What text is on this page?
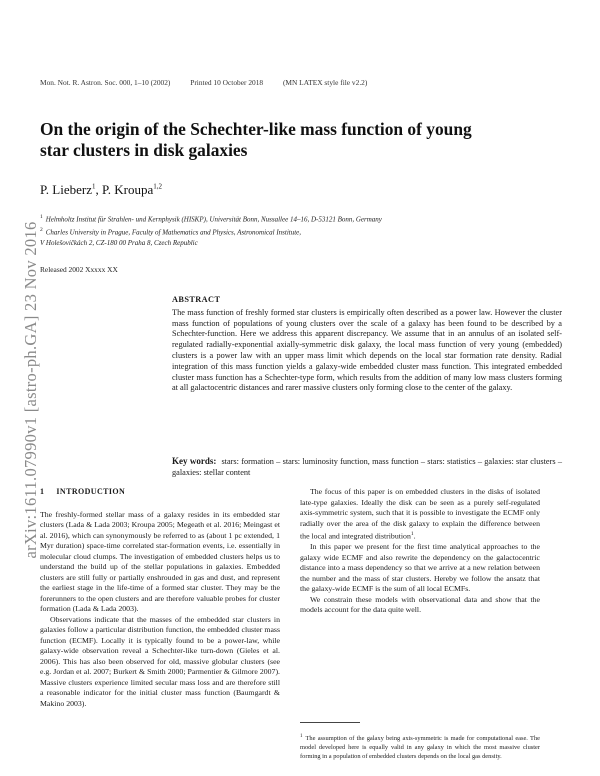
arXiv:1611.07990v1 [astro-ph.GA] 23 Nov 2016
Mon. Not. R. Astron. Soc. 000, 1–10 (2002)	Printed 10 October 2018	(MN LATEX style file v2.2)
On the origin of the Schechter-like mass function of young star clusters in disk galaxies
P. Lieberz$^1$, P. Kroupa$^{1,2}$
$^1$ Helmholtz Institut für Strahlen- und Kernphysik (HISKP), Universität Bonn, Nussallee 14–16, D-53121 Bonn, Germany
$^2$ Charles University in Prague, Faculty of Mathematics and Physics, Astronomical Institute,
V Holešovičkách 2, CZ-180 00 Praha 8, Czech Republic
Released 2002 Xxxxx XX
ABSTRACT

The mass function of freshly formed star clusters is empirically often described as a power law. However the cluster mass function of populations of young clusters over the scale of a galaxy has been found to be described by a Schechter-function. Here we address this apparent discrepancy. We assume that in an annulus of an isolated self-regulated radially-exponential axially-symmetric disk galaxy, the local mass function of very young (embedded) clusters is a power law with an upper mass limit which depends on the local star formation rate density. Radial integration of this mass function yields a galaxy-wide embedded cluster mass function. This integrated embedded cluster mass function has a Schechter-type form, which results from the addition of many low mass clusters forming at all galactocentric distances and rarer massive clusters only forming close to the center of the galaxy.

Key words: stars: formation – stars: luminosity function, mass function – stars: statistics – galaxies: star clusters – galaxies: stellar content
1 INTRODUCTION

The freshly-formed stellar mass of a galaxy resides in its embedded star clusters (Lada & Lada 2003; Kroupa 2005; Megeath et al. 2016; Meingast et al. 2016), which can synonymously be referred to as (about 1 pc extended, 1 Myr duration) space-time correlated star-formation events, i.e. essentially in molecular cloud clumps. The investigation of embedded clusters helps us to understand the build up of the stellar populations in galaxies. Embedded clusters are still fully or partially enshrouded in gas and dust, and represent the earliest stage in the life-time of a formed star cluster. They may be the forerunners to the open clusters and are therefore valuable probes for cluster formation (Lada & Lada 2003).

Observations indicate that the masses of the embedded star clusters in galaxies follow a particular distribution function, the embedded cluster mass function (ECMF). Locally it is typically found to be a power-law, while galaxy-wide observation reveal a Schechter-like turn-down (Gieles et al. 2006). This has also been observed for old, massive globular clusters (see e.g. Jordan et al. 2007; Burkert & Smith 2000; Parmentier & Gilmore 2007). Massive clusters experience limited secular mass loss and are therefore still a reasonable indicator for the initial cluster mass function (Baumgardt & Makino 2003).

The focus of this paper is on embedded clusters in the disks of isolated late-type galaxies. Ideally the disk can be seen as a purely self-regulated axis-symmetric system, such that it is possible to investigate the ECMF only radially over the area of the disk galaxy to explain the difference between the local and integrated distribution$^1$.

In this paper we present for the first time analytical approaches to the galaxy wide ECMF and also rewrite the dependency on the galactocentric distance into a mass dependency so that we arrive at a new relation between the number and the mass of star clusters. Hereby we follow the ansatz that the galaxy-wide ECMF is the sum of all local ECMFs.

We constrain these models with observational data and show that the models account for the data quite well.

$^1$ The assumption of the galaxy being axis-symmetric is made for computational ease. The model developed here is equally valid in any galaxy in which the most massive cluster forming in a population of embedded clusters depends on the local gas density.
